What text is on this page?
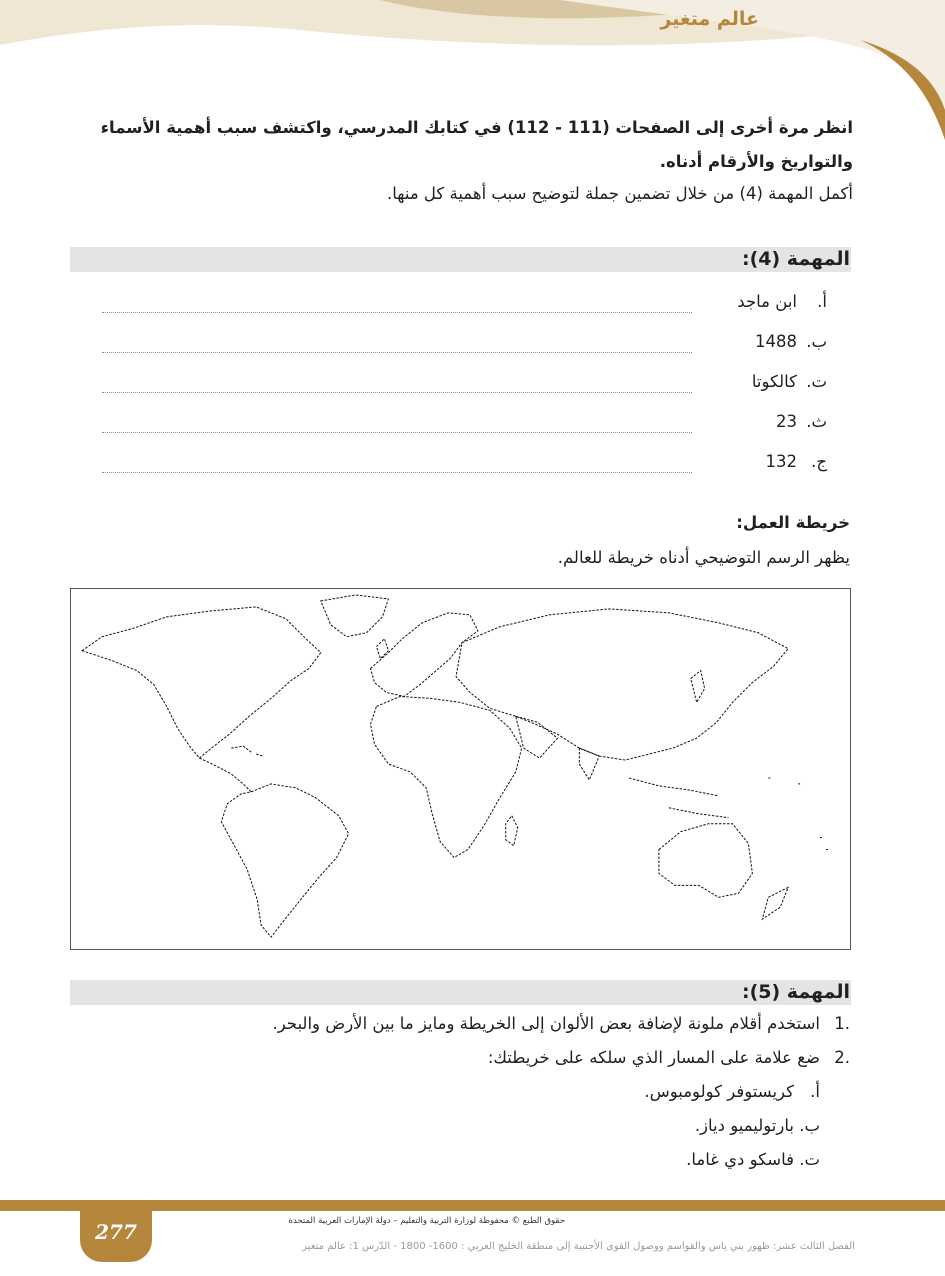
عالم متغير
انظر مرة أخرى إلى الصفحات (111 - 112) في كتابك المدرسي، واكتشف سبب أهمية الأسماء والتواريخ والأرقام أدناه.
أكمل المهمة (4) من خلال تضمين جملة لتوضيح سبب أهمية كل منها.
المهمة (4):
أ.
ابن ماجد
ب.
1488
ت.
كالكوتا
ث.
23
ج.
132
خريطة العمل:
يظهر الرسم التوضيحي أدناه خريطة للعالم.
المهمة (5):
.1استخدم أقلام ملونة لإضافة بعض الألوان إلى الخريطة ومايز ما بين الأرض والبحر.
.2ضع علامة على المسار الذي سلكه على خريطتك:
أ.كريستوفر كولومبوس.
ب.بارتوليميو دياز.
ت.فاسكو دي غاما.
277	حقوق الطبع © محفوظة لوزارة التربية والتعليم – دولة الإمارات العربية المتحدة
الفصل الثالث عشر: ظهور بني ياس والقواسم ووصول القوى الأجنبية إلى منطقة الخليج العربي : 1600- 1800 - الدّرس 1: عالم متغير
